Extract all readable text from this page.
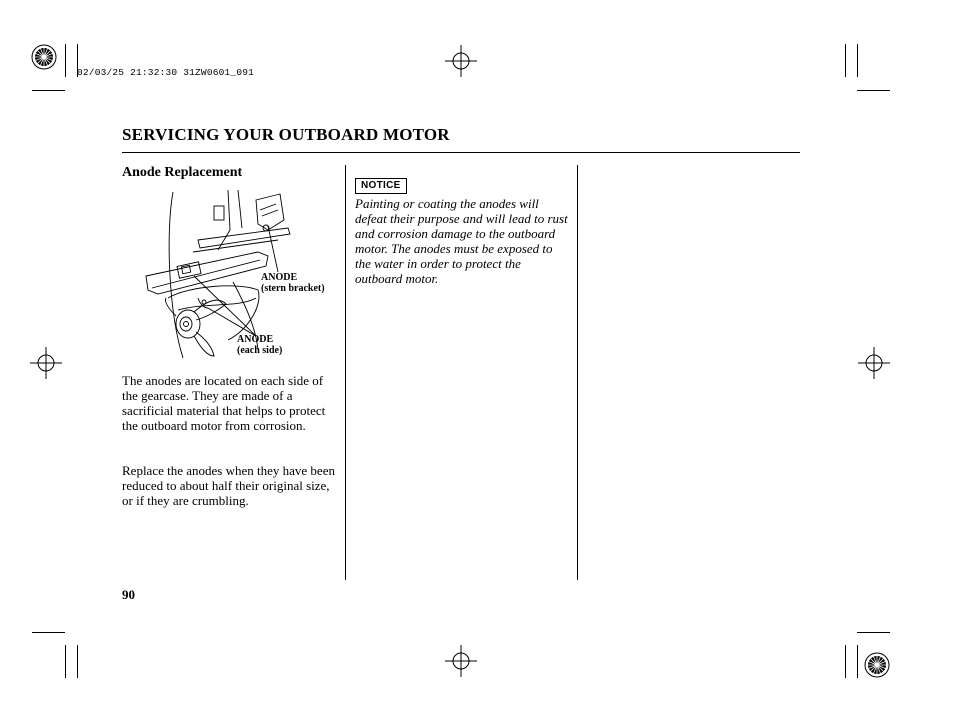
02/03/25 21:32:30 31ZW0601_091
SERVICING YOUR OUTBOARD MOTOR
Anode Replacement
ANODE
(stern bracket)
ANODE
(each side)
The anodes are located on each side of the gearcase. They are made of a sacrificial material that helps to protect the outboard motor from corrosion.
Replace the anodes when they have been reduced to about half their original size, or if they are crumbling.
NOTICE
Painting or coating the anodes will defeat their purpose and will lead to rust and corrosion damage to the outboard motor. The anodes must be exposed to the water in order to protect the outboard motor.
90
